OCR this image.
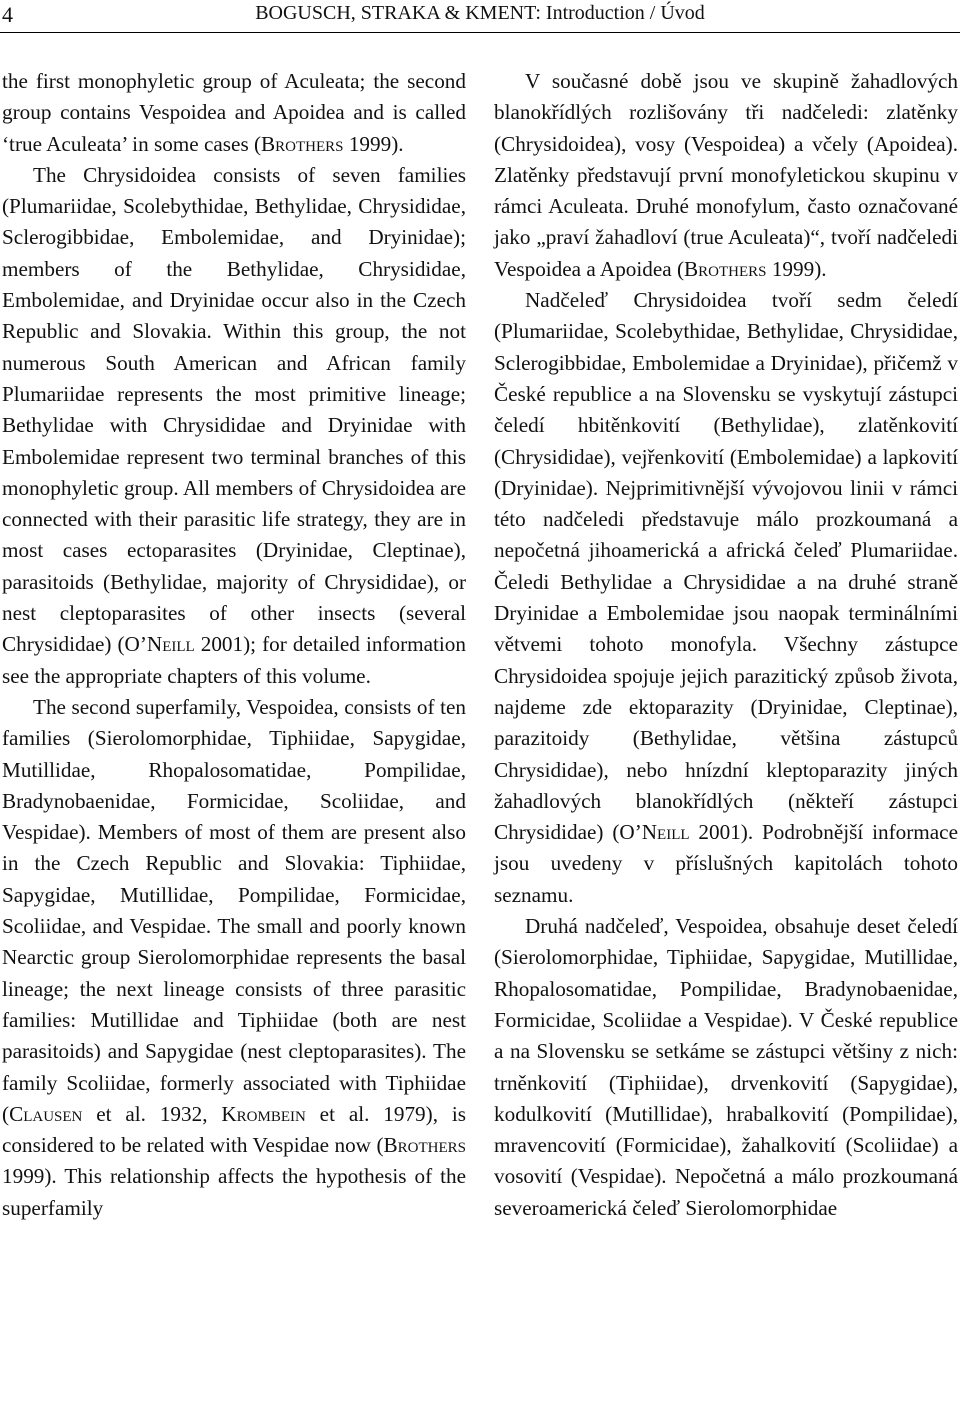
4	BOGUSCH, STRAKA & KMENT: Introduction / Úvod

the first monophyletic group of Aculeata; the second group contains Vespoidea and Apoidea and is called ‘true Aculeata’ in some cases (Brothers 1999).

The Chrysidoidea consists of seven families (Plumariidae, Scolebythidae, Bethylidae, Chrysididae, Sclerogibbidae, Embolemidae, and Dryinidae); members of the Bethylidae, Chrysididae, Embolemidae, and Dryinidae occur also in the Czech Republic and Slovakia. Within this group, the not numerous South American and African family Plumariidae represents the most primitive lineage; Bethylidae with Chrysididae and Dryinidae with Embolemidae represent two terminal branches of this monophyletic group. All members of Chrysidoidea are connected with their parasitic life strategy, they are in most cases ectoparasites (Dryinidae, Cleptinae), parasitoids (Bethylidae, majority of Chrysididae), or nest cleptoparasites of other insects (several Chrysididae) (O’Neill 2001); for detailed information see the appropriate chapters of this volume.

The second superfamily, Vespoidea, consists of ten families (Sierolomorphidae, Tiphiidae, Sapygidae, Mutillidae, Rhopalosomatidae, Pompilidae, Bradynobaenidae, Formicidae, Scoliidae, and Vespidae). Members of most of them are present also in the Czech Republic and Slovakia: Tiphiidae, Sapygidae, Mutillidae, Pompilidae, Formicidae, Scoliidae, and Vespidae. The small and poorly known Nearctic group Sierolomorphidae represents the basal lineage; the next lineage consists of three parasitic families: Mutillidae and Tiphiidae (both are nest parasitoids) and Sapygidae (nest cleptoparasites). The family Scoliidae, formerly associated with Tiphiidae (Clausen et al. 1932, Krombein et al. 1979), is considered to be related with Vespidae now (Brothers 1999). This relationship affects the hypothesis of the superfamily

V současné době jsou ve skupině žahadlových blanokřídlých rozlišovány tři nadčeledi: zlatěnky (Chrysidoidea), vosy (Vespoidea) a včely (Apoidea). Zlatěnky představují první monofyletickou skupinu v rámci Aculeata. Druhé monofylum, často označované jako „praví žahadloví (true Aculeata)“, tvoří nadčeledi Vespoidea a Apoidea (Brothers 1999).

Nadčeleď Chrysidoidea tvoří sedm čeledí (Plumariidae, Scolebythidae, Bethylidae, Chrysididae, Sclerogibbidae, Embolemidae a Dryinidae), přičemž v České republice a na Slovensku se vyskytují zástupci čeledí hbitěnkovití (Bethylidae), zlatěnkovití (Chrysididae), vejřenkovití (Embolemidae) a lapkovití (Dryinidae). Nejprimitivnější vývojovou linii v rámci této nadčeledi představuje málo prozkoumaná a nepočetná jihoamerická a africká čeleď Plumariidae. Čeledi Bethylidae a Chrysididae a na druhé straně Dryinidae a Embolemidae jsou naopak terminálními větvemi tohoto monofyla. Všechny zástupce Chrysidoidea spojuje jejich parazitický způsob života, najdeme zde ektoparazity (Dryinidae, Cleptinae), parazitoidy (Bethylidae, většina zástupců Chrysididae), nebo hnízdní kleptoparazity jiných žahadlových blanokřídlých (někteří zástupci Chrysididae) (O’Neill 2001). Podrobnější informace jsou uvedeny v příslušných kapitolách tohoto seznamu.

Druhá nadčeleď, Vespoidea, obsahuje deset čeledí (Sierolomorphidae, Tiphiidae, Sapygidae, Mutillidae, Rhopalosomatidae, Pompilidae, Bradynobaenidae, Formicidae, Scoliidae a Vespidae). V České republice a na Slovensku se setkáme se zástupci většiny z nich: trněnkovití (Tiphiidae), drvenkovití (Sapygidae), kodulkovití (Mutillidae), hrabalkovití (Pompilidae), mravencovití (Formicidae), žahalkovití (Scoliidae) a vosovití (Vespidae). Nepočetná a málo prozkoumaná severoamerická čeleď Sierolomorphidae
